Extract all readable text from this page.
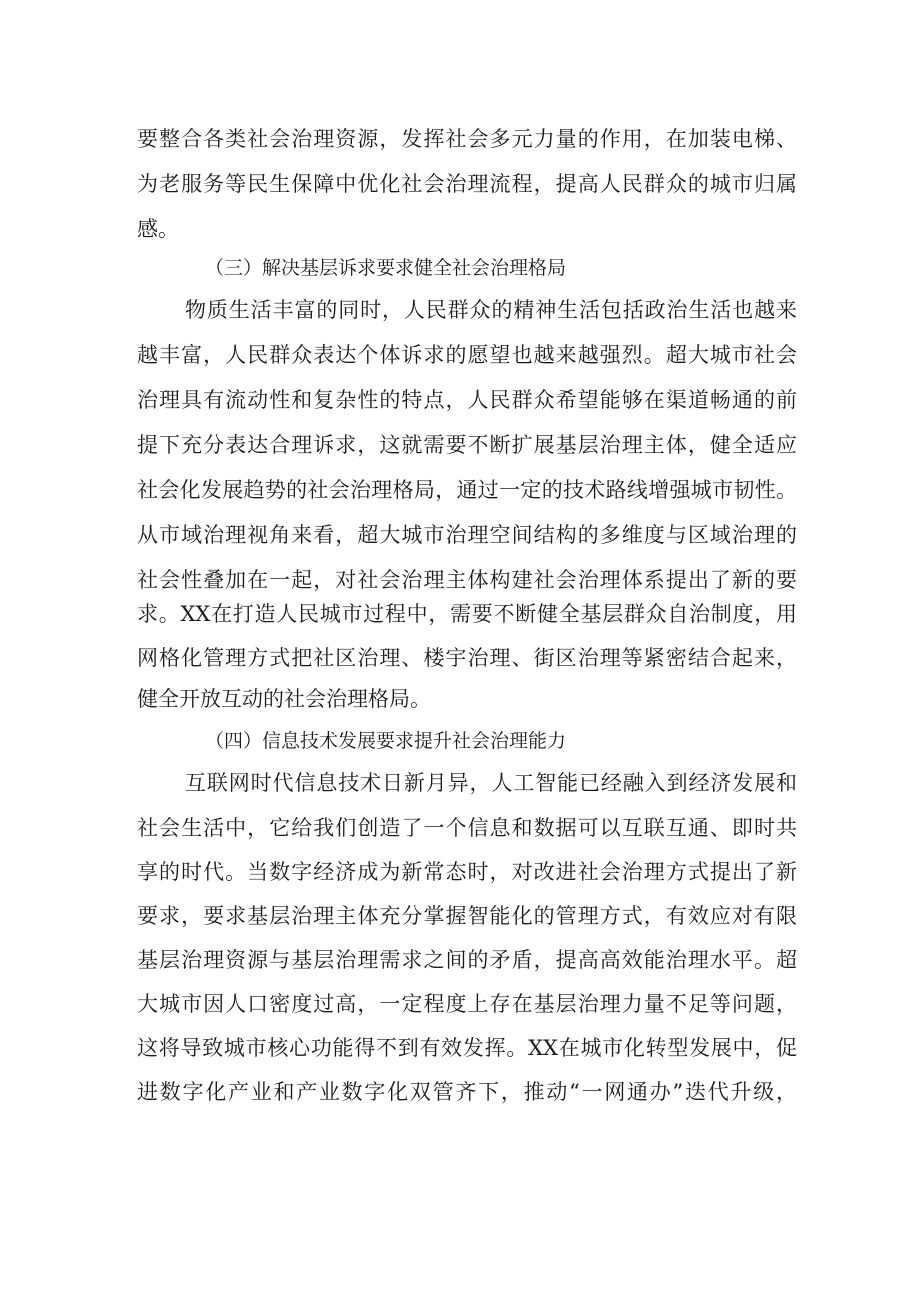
要整合各类社会治理资源，发挥社会多元力量的作用，在加装电梯、

为老服务等民生保障中优化社会治理流程，提高人民群众的城市归属

感。

（三）解决基层诉求要求健全社会治理格局

物质生活丰富的同时，人民群众的精神生活包括政治生活也越来

越丰富，人民群众表达个体诉求的愿望也越来越强烈。超大城市社会

治理具有流动性和复杂性的特点，人民群众希望能够在渠道畅通的前

提下充分表达合理诉求，这就需要不断扩展基层治理主体，健全适应

社会化发展趋势的社会治理格局，通过一定的技术路线增强城市韧性。

从市域治理视角来看，超大城市治理空间结构的多维度与区域治理的

社会性叠加在一起，对社会治理主体构建社会治理体系提出了新的要

求。XX在打造人民城市过程中，需要不断健全基层群众自治制度，用

网格化管理方式把社区治理、楼宇治理、街区治理等紧密结合起来，

健全开放互动的社会治理格局。

（四）信息技术发展要求提升社会治理能力

互联网时代信息技术日新月异，人工智能已经融入到经济发展和

社会生活中，它给我们创造了一个信息和数据可以互联互通、即时共

享的时代。当数字经济成为新常态时，对改进社会治理方式提出了新

要求，要求基层治理主体充分掌握智能化的管理方式，有效应对有限

基层治理资源与基层治理需求之间的矛盾，提高高效能治理水平。超

大城市因人口密度过高，一定程度上存在基层治理力量不足等问题，

这将导致城市核心功能得不到有效发挥。XX在城市化转型发展中，促

进数字化产业和产业数字化双管齐下，推动“一网通办”迭代升级，
